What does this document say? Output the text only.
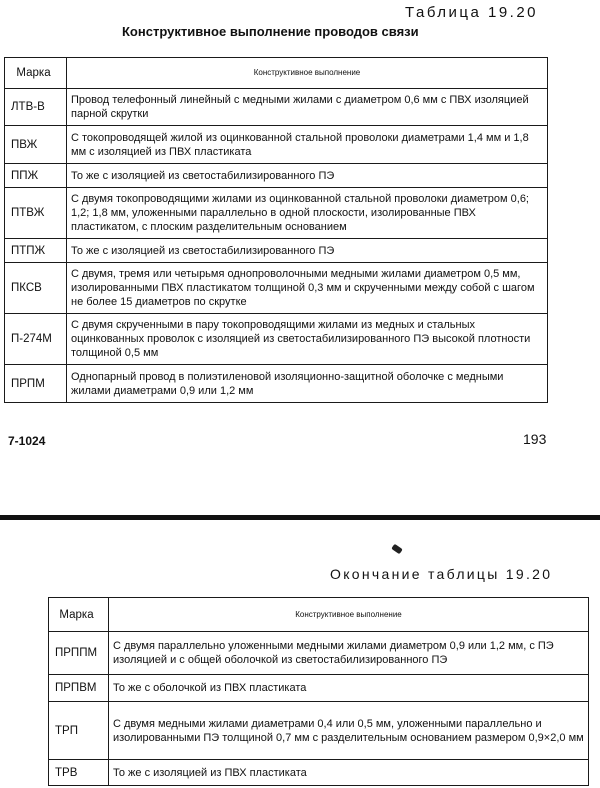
Таблица 19.20
Конструктивное выполнение проводов связи
Марка	Конструктивное выполнение
ЛТВ-В	Провод телефонный линейный с медными жилами с диаметром 0,6 мм с ПВХ изоляцией парной скрутки
ПВЖ	С токопроводящей жилой из оцинкованной стальной проволоки диаметрами 1,4 мм и 1,8 мм с изоляцией из ПВХ пластиката
ППЖ	То же с изоляцией из светостабилизированного ПЭ
ПТВЖ	С двумя токопроводящими жилами из оцинкованной стальной проволоки диаметром 0,6; 1,2; 1,8 мм, уложенными параллельно в одной плоскости, изолированные ПВХ пластикатом, с плоским разделительным основанием
ПТПЖ	То же с изоляцией из светостабилизированного ПЭ
ПКСВ	С двумя, тремя или четырьмя однопроволочными медными жилами диаметром 0,5 мм, изолированными ПВХ пластикатом толщиной 0,3 мм и скрученными между собой с шагом не более 15 диаметров по скрутке
П-274М	С двумя скрученными в пару токопроводящими жилами из медных и стальных оцинкованных проволок с изоляцией из светостабилизированного ПЭ высокой плотности толщиной 0,5 мм
ПРПМ	Однопарный провод в полиэтиленовой изоляционно-защитной оболочке с медными жилами диаметрами 0,9 или 1,2 мм
7-1024	193
Окончание таблицы 19.20
Марка	Конструктивное выполнение
ПРППМ	С двумя параллельно уложенными медными жилами диаметром 0,9 или 1,2 мм, с ПЭ изоляцией и с общей оболочкой из светостабилизированного ПЭ
ПРПВМ	То же с оболочкой из ПВХ пластиката
ТРП	С двумя медными жилами диаметрами 0,4 или 0,5 мм, уложенными параллельно и изолированными ПЭ толщиной 0,7 мм с разделительным основанием размером 0,9×2,0 мм
ТРВ	То же с изоляцией из ПВХ пластиката
